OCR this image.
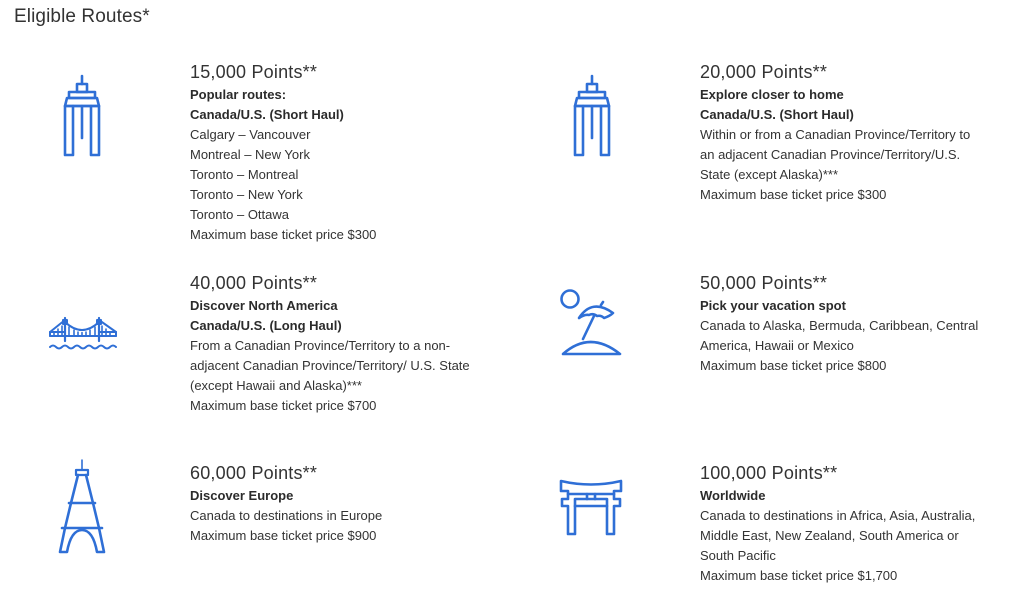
Eligible Routes*
15,000 Points**
Popular routes:
Canada/U.S. (Short Haul)
Calgary – Vancouver
Montreal – New York
Toronto – Montreal
Toronto – New York
Toronto – Ottawa
Maximum base ticket price $300
20,000 Points**
Explore closer to home
Canada/U.S. (Short Haul)
Within or from a Canadian Province/Territory to
an adjacent Canadian Province/Territory/U.S.
State (except Alaska)***
Maximum base ticket price $300
40,000 Points**
Discover North America
Canada/U.S. (Long Haul)
From a Canadian Province/Territory to a non-
adjacent Canadian Province/Territory/ U.S. State
(except Hawaii and Alaska)***
Maximum base ticket price $700
50,000 Points**
Pick your vacation spot
Canada to Alaska, Bermuda, Caribbean, Central
America, Hawaii or Mexico
Maximum base ticket price $800
60,000 Points**
Discover Europe
Canada to destinations in Europe
Maximum base ticket price $900
100,000 Points**
Worldwide
Canada to destinations in Africa, Asia, Australia,
Middle East, New Zealand, South America or
South Pacific
Maximum base ticket price $1,700
